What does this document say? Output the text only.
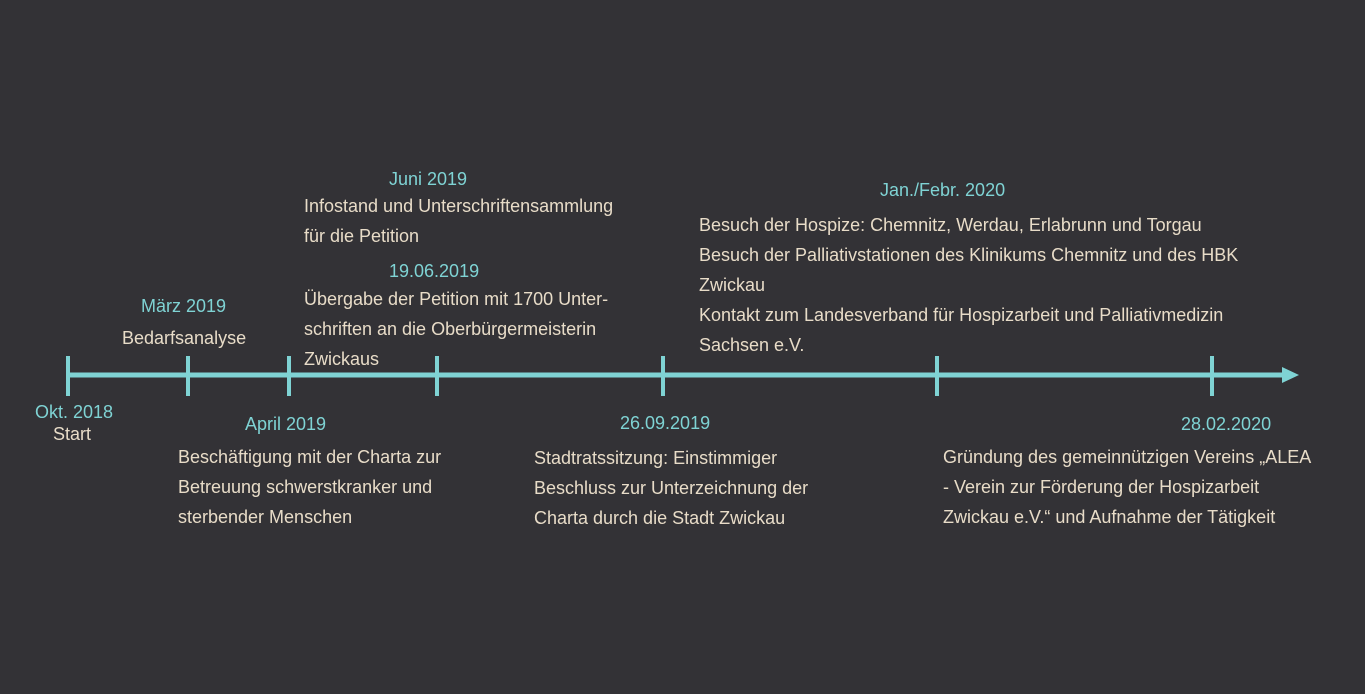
Okt. 2018
Start
März 2019
Bedarfsanalyse
April 2019
Beschäftigung mit der Charta zur
Betreuung schwerstkranker und
sterbender Menschen
Juni 2019
Infostand und Unterschriftensammlung
für die Petition
19.06.2019
Übergabe der Petition mit 1700 Unter-
schriften an die Oberbürgermeisterin
Zwickaus
26.09.2019
Stadtratssitzung: Einstimmiger
Beschluss zur Unterzeichnung der
Charta durch die Stadt Zwickau
Jan./Febr. 2020
Besuch der Hospize: Chemnitz, Werdau, Erlabrunn und Torgau
Besuch der Palliativstationen des Klinikums Chemnitz und des HBK
Zwickau
Kontakt zum Landesverband für Hospizarbeit und Palliativmedizin
Sachsen e.V.
28.02.2020
Gründung des gemeinnützigen Vereins „ALEA
- Verein zur Förderung der Hospizarbeit
Zwickau e.V.“ und Aufnahme der Tätigkeit
